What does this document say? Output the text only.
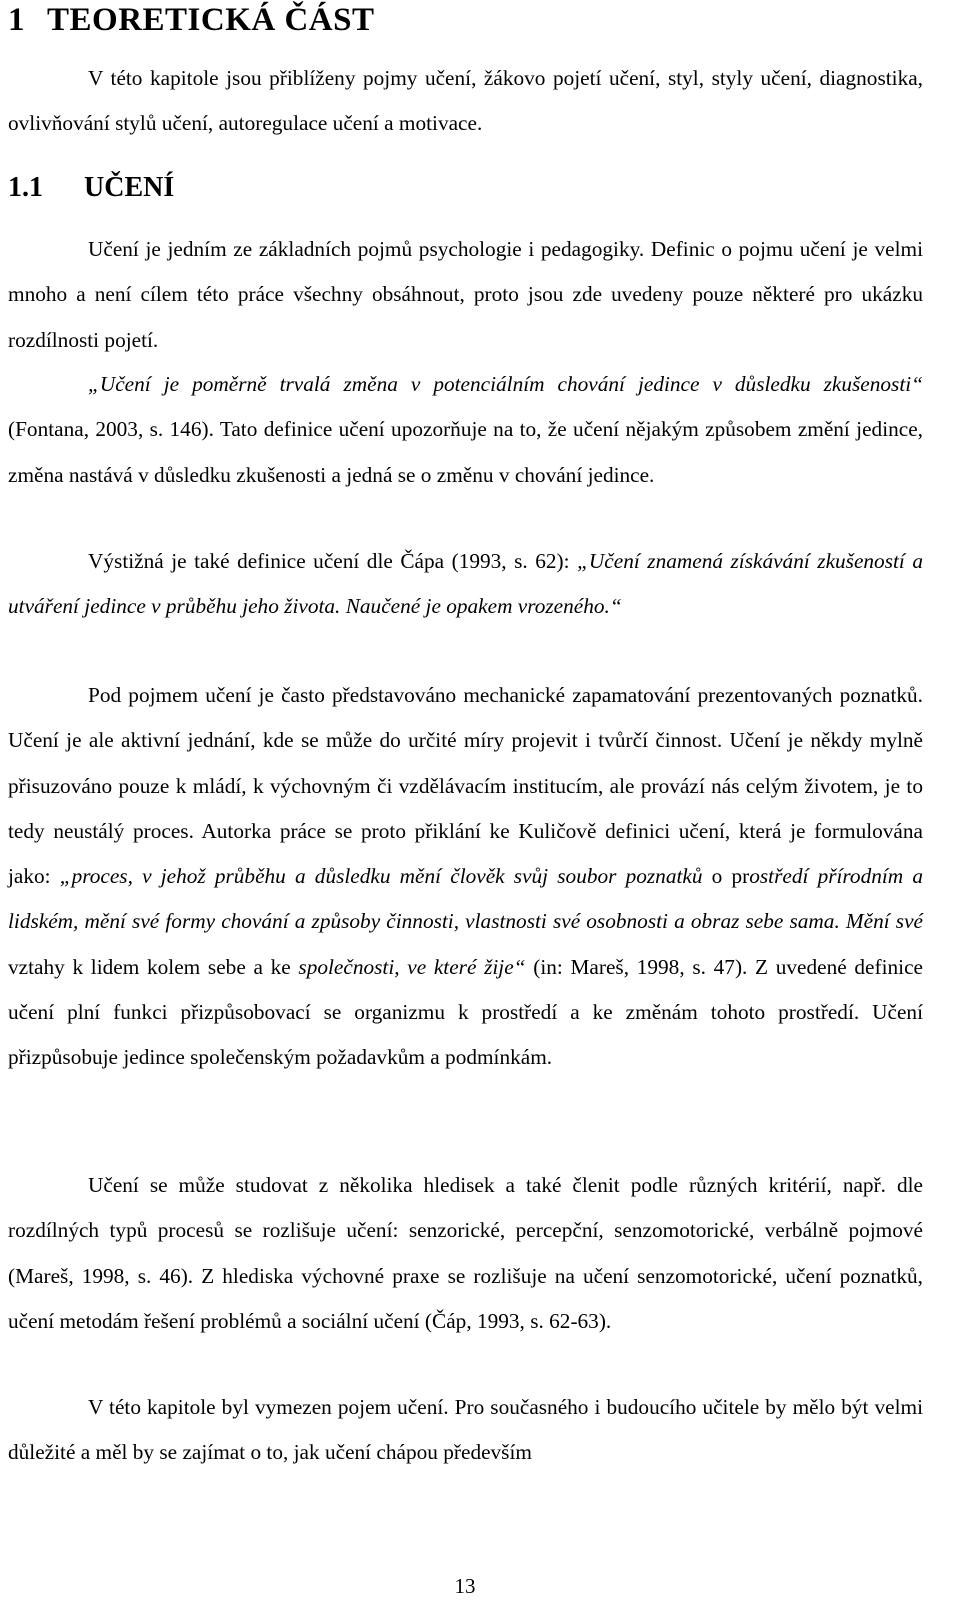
1 TEORETICKÁ ČÁST

V této kapitole jsou přiblíženy pojmy učení, žákovo pojetí učení, styl, styly učení, diagnostika, ovlivňování stylů učení, autoregulace učení a motivace.

1.1 UČENÍ

Učení je jedním ze základních pojmů psychologie i pedagogiky. Definic o pojmu učení je velmi mnoho a není cílem této práce všechny obsáhnout, proto jsou zde uvedeny pouze některé pro ukázku rozdílnosti pojetí.

„Učení je poměrně trvalá změna v potenciálním chování jedince v důsledku zkušenosti“ (Fontana, 2003, s. 146). Tato definice učení upozorňuje na to, že učení nějakým způsobem změní jedince, změna nastává v důsledku zkušenosti a jedná se o změnu v chování jedince.

Výstižná je také definice učení dle Čápa (1993, s. 62): „Učení znamená získávání zkušeností a utváření jedince v průběhu jeho života. Naučené je opakem vrozeného.“

Pod pojmem učení je často představováno mechanické zapamatování prezentovaných poznatků. Učení je ale aktivní jednání, kde se může do určité míry projevit i tvůrčí činnost. Učení je někdy mylně přisuzováno pouze k mládí, k výchovným či vzdělávacím institucím, ale provází nás celým životem, je to tedy neustálý proces. Autorka práce se proto přiklání ke Kuličově definici učení, která je formulována jako: „proces, v jehož průběhu a důsledku mění člověk svůj soubor poznatků o prostředí přírodním a lidském, mění své formy chování a způsoby činnosti, vlastnosti své osobnosti a obraz sebe sama. Mění své vztahy k lidem kolem sebe a ke společnosti, ve které žije“ (in: Mareš, 1998, s. 47). Z uvedené definice učení plní funkci přizpůsobovací se organizmu k prostředí a ke změnám tohoto prostředí. Učení přizpůsobuje jedince společenským požadavkům a podmínkám.

Učení se může studovat z několika hledisek a také členit podle různých kritérií, např. dle rozdílných typů procesů se rozlišuje učení: senzorické, percepční, senzomotorické, verbálně pojmové (Mareš, 1998, s. 46). Z hlediska výchovné praxe se rozlišuje na učení senzomotorické, učení poznatků, učení metodám řešení problémů a sociální učení (Čáp, 1993, s. 62-63).

V této kapitole byl vymezen pojem učení. Pro současného i budoucího učitele by mělo být velmi důležité a měl by se zajímat o to, jak učení chápou především

13
